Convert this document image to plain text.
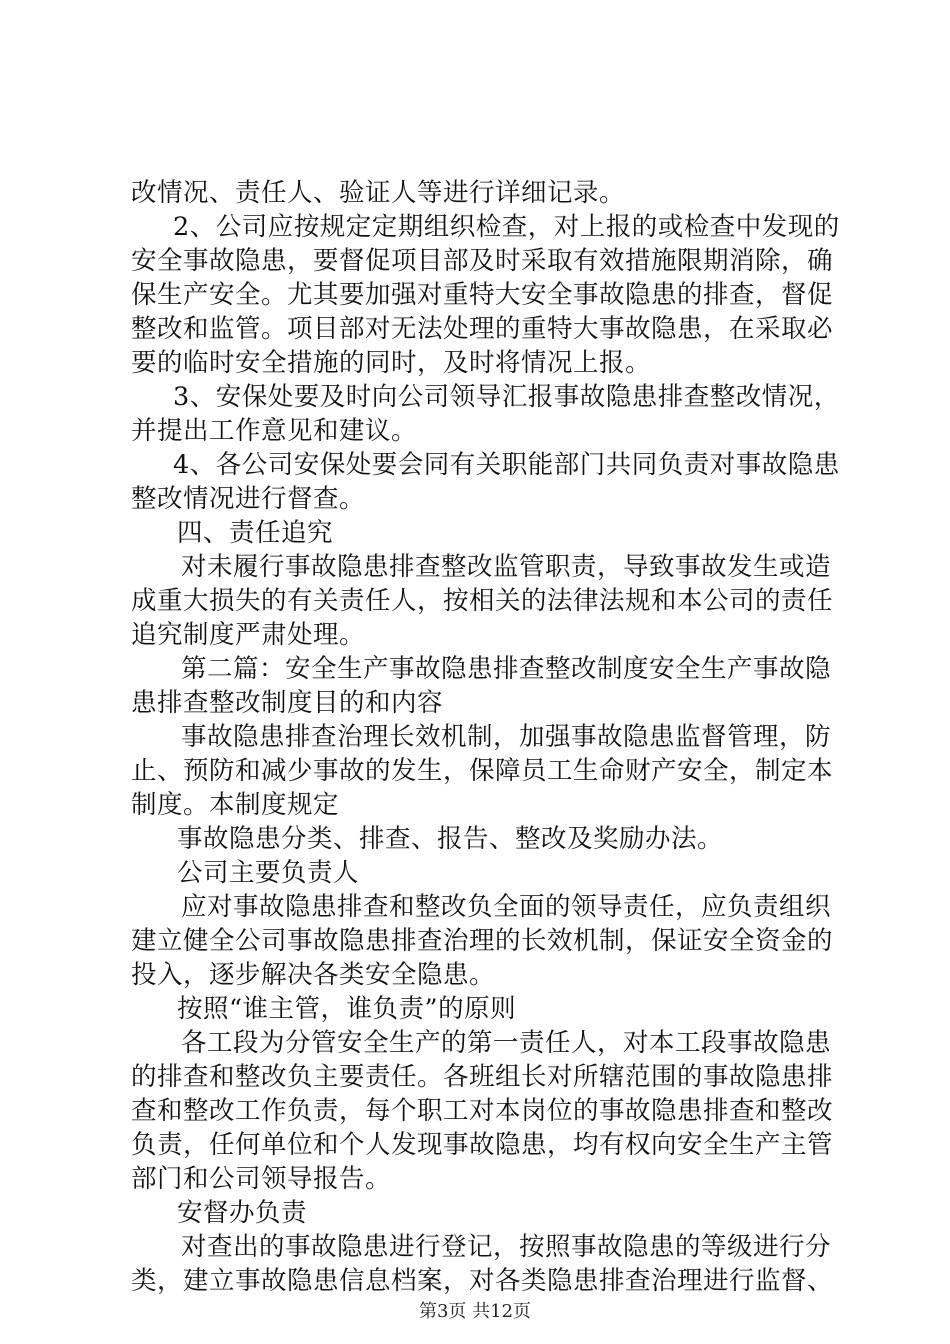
改情况、责任人、验证人等进行详细记录。
2、公司应按规定定期组织检查，对上报的或检查中发现的
安全事故隐患，要督促项目部及时采取有效措施限期消除，确
保生产安全。尤其要加强对重特大安全事故隐患的排查，督促
整改和监管。项目部对无法处理的重特大事故隐患，在采取必
要的临时安全措施的同时，及时将情况上报。
3、安保处要及时向公司领导汇报事故隐患排查整改情况，
并提出工作意见和建议。
4、各公司安保处要会同有关职能部门共同负责对事故隐患
整改情况进行督查。
四、责任追究
对未履行事故隐患排查整改监管职责，导致事故发生或造
成重大损失的有关责任人，按相关的法律法规和本公司的责任
追究制度严肃处理。
第二篇：安全生产事故隐患排查整改制度安全生产事故隐
患排查整改制度目的和内容
事故隐患排查治理长效机制，加强事故隐患监督管理，防
止、预防和减少事故的发生，保障员工生命财产安全，制定本
制度。本制度规定
事故隐患分类、排查、报告、整改及奖励办法。
公司主要负责人
应对事故隐患排查和整改负全面的领导责任，应负责组织
建立健全公司事故隐患排查治理的长效机制，保证安全资金的
投入，逐步解决各类安全隐患。
按照“谁主管，谁负责”的原则
各工段为分管安全生产的第一责任人，对本工段事故隐患
的排查和整改负主要责任。各班组长对所辖范围的事故隐患排
查和整改工作负责，每个职工对本岗位的事故隐患排查和整改
负责，任何单位和个人发现事故隐患，均有权向安全生产主管
部门和公司领导报告。
安督办负责
对查出的事故隐患进行登记，按照事故隐患的等级进行分
类，建立事故隐患信息档案，对各类隐患排查治理进行监督、
第3页 共12页
